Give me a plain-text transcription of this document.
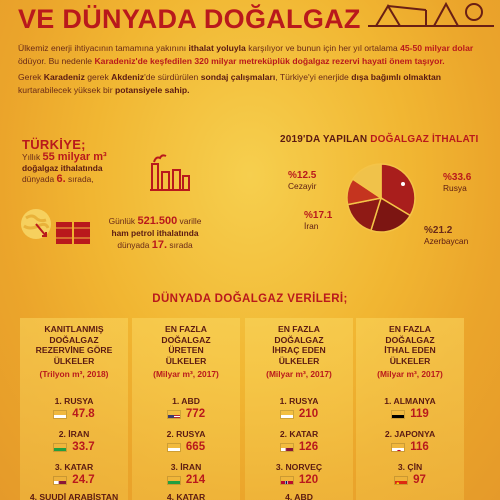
VE DÜNYADA DOĞALGAZ
Ülkemiz enerji ihtiyacının tamamına yakınını ithalat yoluyla karşılıyor ve bunun için her yıl ortalama 45-50 milyar dolar ödüyor. Bu nedenle Karadeniz'de keşfedilen 320 milyar metreküplük doğalgaz rezervi hayati önem taşıyor.
Gerek Karadeniz gerek Akdeniz'de sürdürülen sondaj çalışmaları, Türkiye'yi enerjide dışa bağımlı olmaktan kurtarabilecek yüksek bir potansiyele sahip.
TÜRKİYE;
Yıllık 55 milyar m³
doğalgaz ithalatında
dünyada 6. sırada,
Günlük 521.500 varille
ham petrol ithalatında
dünyada 17. sırada
2019'DA YAPILAN DOĞALGAZ İTHALATI
%12.5
Cezayir
%33.6
Rusya
%17.1
İran	%21.2
Azerbaycan
DÜNYADA DOĞALGAZ VERİLERİ;
KANITLANMIŞ
DOĞALGAZ
REZERVİNE GÖRE
ÜLKELER
(Trilyon m³, 2018)
1. RUSYA
47.8
2. İRAN
33.7
3. KATAR
24.7
4. SUUDİ ARABİSTAN
EN FAZLA
DOĞALGAZ
ÜRETEN
ÜLKELER
(Milyar m³, 2017)
1. ABD
772
2. RUSYA
665
3. İRAN
214
4. KATAR
EN FAZLA
DOĞALGAZ
İHRAÇ EDEN
ÜLKELER
(Milyar m³, 2017)
1. RUSYA
210
2. KATAR
126
3. NORVEÇ
120
4. ABD
EN FAZLA
DOĞALGAZ
İTHAL EDEN
ÜLKELER
(Milyar m³, 2017)
1. ALMANYA
119
2. JAPONYA
116
3. ÇİN
97
